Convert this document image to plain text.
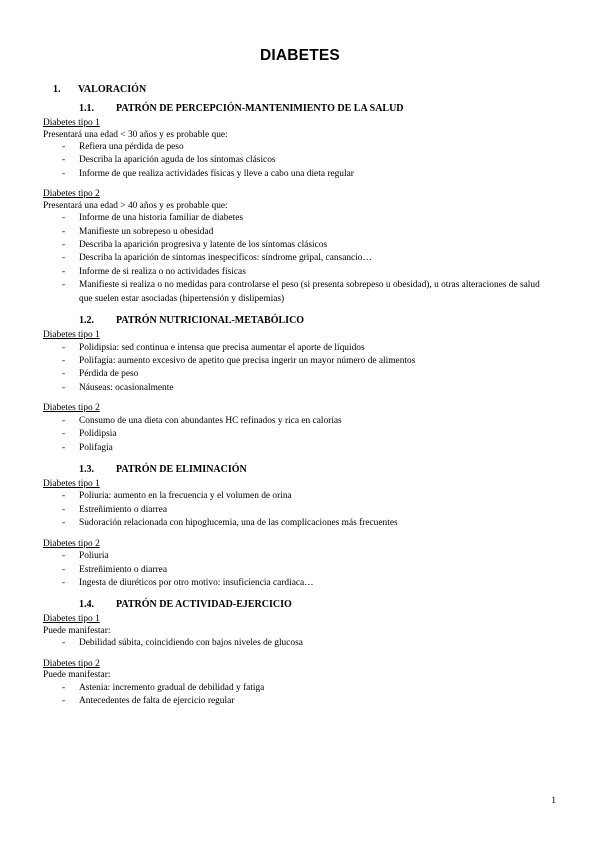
DIABETES
1. VALORACIÓN
1.1. PATRÓN DE PERCEPCIÓN-MANTENIMIENTO DE LA SALUD
Diabetes tipo 1
Presentará una edad < 30 años y es probable que:
- Refiera una pérdida de peso
- Describa la aparición aguda de los síntomas clásicos
- Informe de que realiza actividades físicas y lleve a cabo una dieta regular
Diabetes tipo 2
Presentará una edad > 40 años y es probable que:
- Informe de una historia familiar de diabetes
- Manifieste un sobrepeso u obesidad
- Describa la aparición progresiva y latente de los síntomas clásicos
- Describa la aparición de síntomas inespecíficos: síndrome gripal, cansancio…
- Informe de si realiza o no actividades físicas
- Manifieste si realiza o no medidas para controlarse el peso (si presenta sobrepeso u obesidad), u otras alteraciones de salud que suelen estar asociadas (hipertensión y dislipemias)
1.2. PATRÓN NUTRICIONAL-METABÓLICO
Diabetes tipo 1
- Polidipsia: sed continua e intensa que precisa aumentar el aporte de líquidos
- Polifagia: aumento excesivo de apetito que precisa ingerir un mayor número de alimentos
- Pérdida de peso
- Náuseas: ocasionalmente
Diabetes tipo 2
- Consumo de una dieta con abundantes HC refinados y rica en calorías
- Polidipsia
- Polifagia
1.3. PATRÓN DE ELIMINACIÓN
Diabetes tipo 1
- Poliuria: aumento en la frecuencia y el volumen de orina
- Estreñimiento o diarrea
- Sudoración relacionada con hipoglucemia, una de las complicaciones más frecuentes
Diabetes tipo 2
- Poliuria
- Estreñimiento o diarrea
- Ingesta de diuréticos por otro motivo: insuficiencia cardiaca…
1.4. PATRÓN DE ACTIVIDAD-EJERCICIO
Diabetes tipo 1
Puede manifestar:
- Debilidad súbita, coincidiendo con bajos niveles de glucosa
Diabetes tipo 2
Puede manifestar:
- Astenia: incremento gradual de debilidad y fatiga
- Antecedentes de falta de ejercicio regular
1
